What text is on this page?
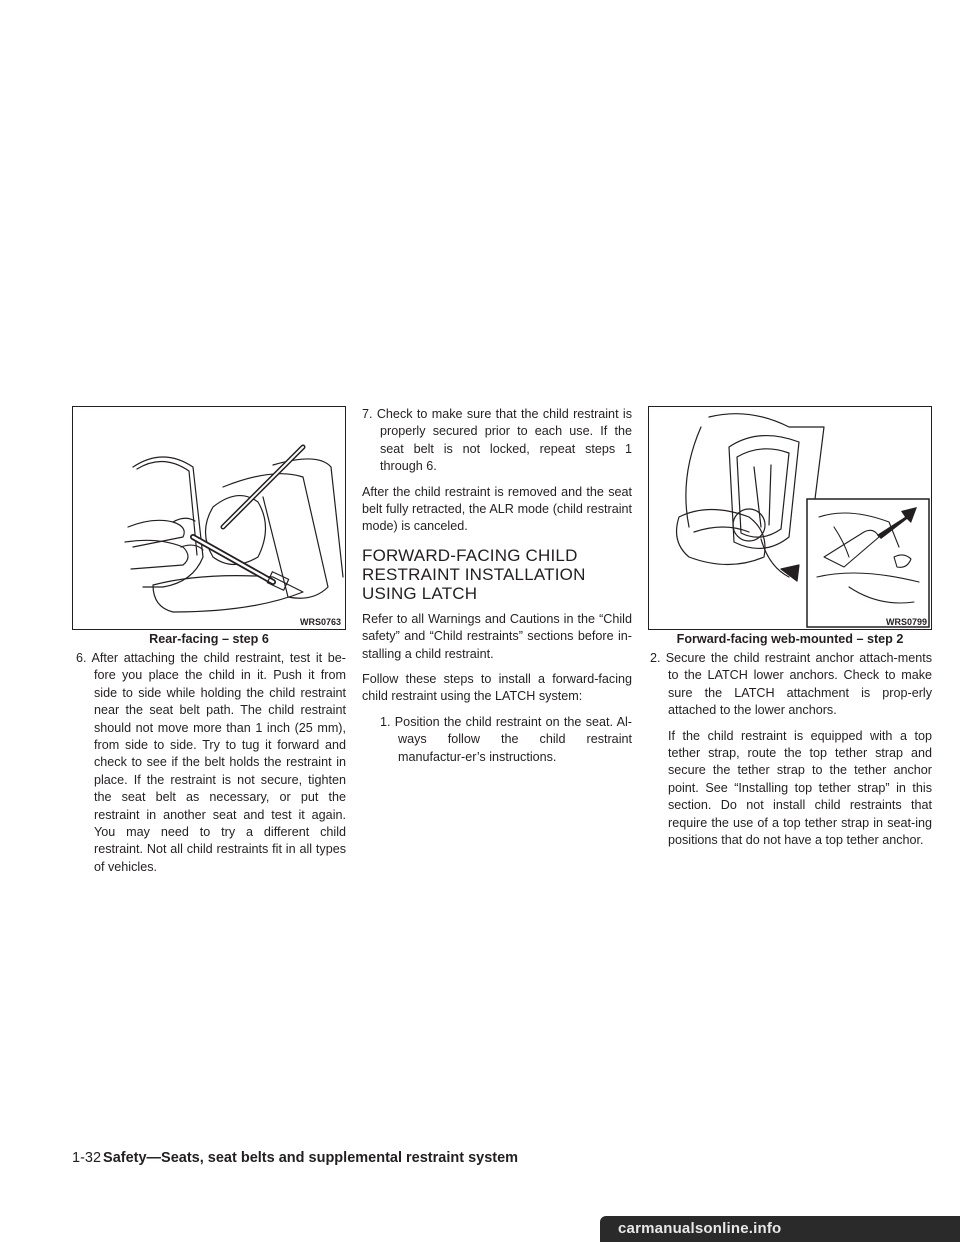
WRS0763
Rear-facing – step 6
WRS0799
Forward-facing web-mounted – step 2

6. After attaching the child restraint, test it be-fore you place the child in it. Push it from side to side while holding the child restraint near the seat belt path. The child restraint should not move more than 1 inch (25 mm), from side to side. Try to tug it forward and check to see if the belt holds the restraint in place. If the restraint is not secure, tighten the seat belt as necessary, or put the restraint in another seat and test it again. You may need to try a different child restraint. Not all child restraints fit in all types of vehicles.

7. Check to make sure that the child restraint is properly secured prior to each use. If the seat belt is not locked, repeat steps 1 through 6.

After the child restraint is removed and the seat belt fully retracted, the ALR mode (child restraint mode) is canceled.

FORWARD-FACING CHILD RESTRAINT INSTALLATION USING LATCH

Refer to all Warnings and Cautions in the “Child safety” and “Child restraints” sections before in-stalling a child restraint.

Follow these steps to install a forward-facing child restraint using the LATCH system:

1. Position the child restraint on the seat. Al-ways follow the child restraint manufactur-er’s instructions.

2. Secure the child restraint anchor attach-ments to the LATCH lower anchors. Check to make sure the LATCH attachment is prop-erly attached to the lower anchors.

If the child restraint is equipped with a top tether strap, route the top tether strap and secure the tether strap to the tether anchor point. See “Installing top tether strap” in this section. Do not install child restraints that require the use of a top tether strap in seat-ing positions that do not have a top tether anchor.

1-32 Safety—Seats, seat belts and supplemental restraint system
carmanualsonline.info
